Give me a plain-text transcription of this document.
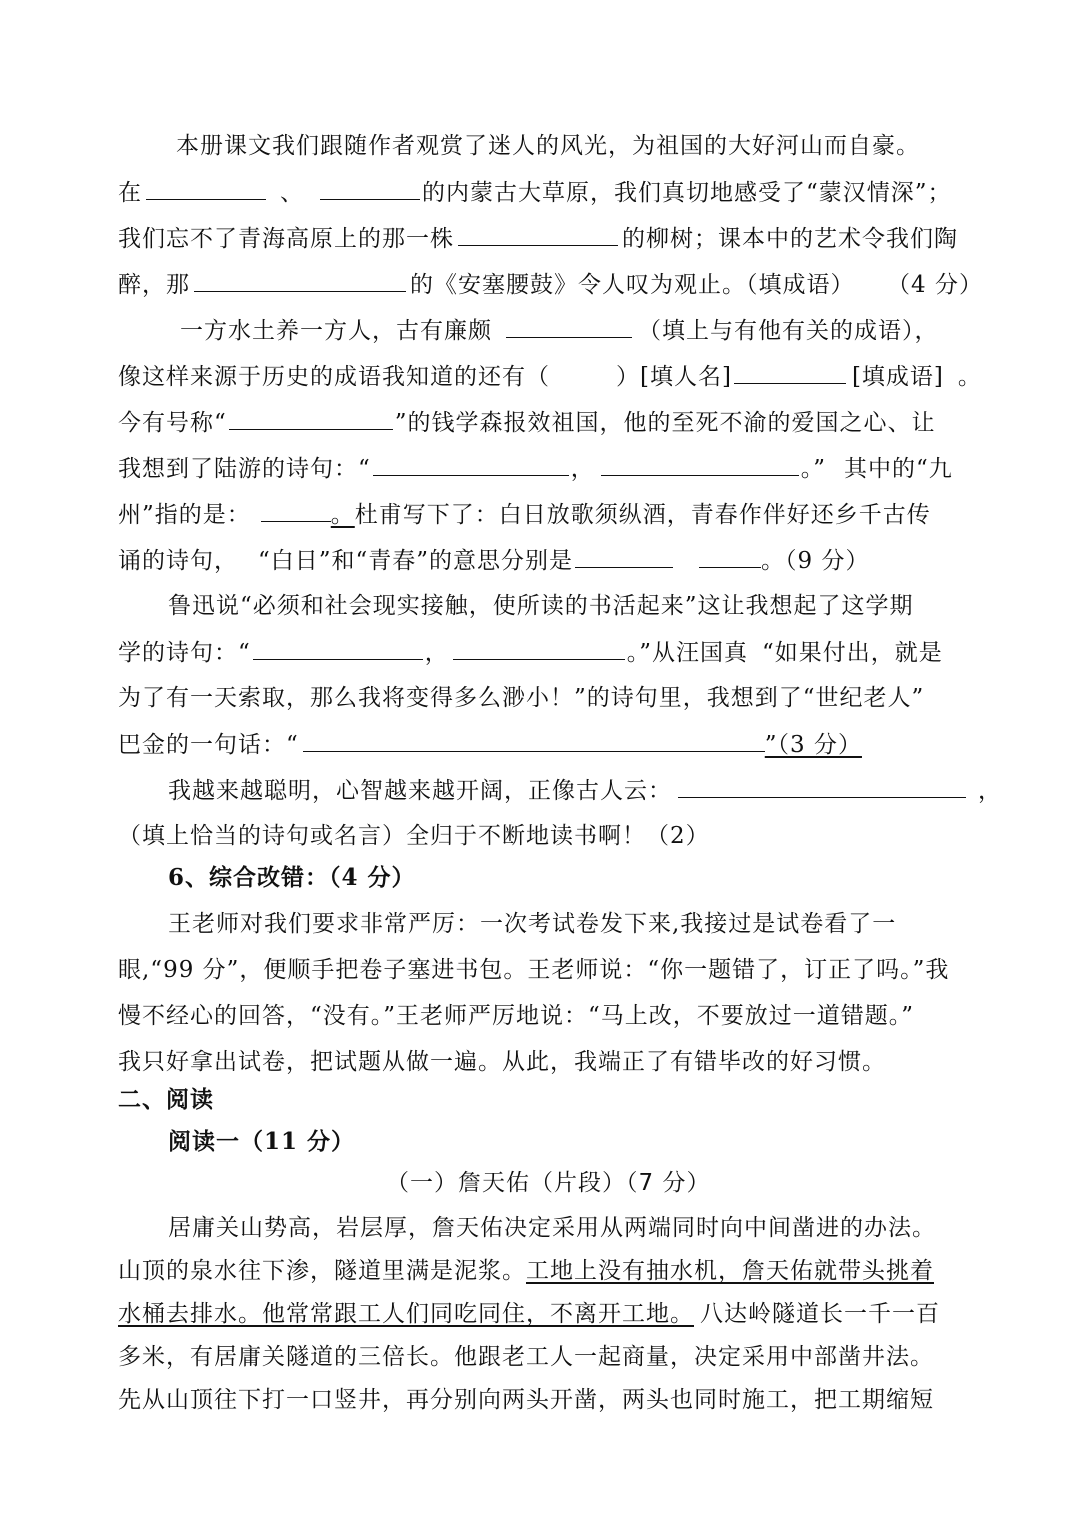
本册课文我们跟随作者观赏了迷人的风光，为祖国的大好河山而自豪。
在	、	的内蒙古大草原，我们真切地感受了“蒙汉情深”；
我们忘不了青海高原上的那一株	的柳树；课本中的艺术令我们陶
醉，那	的《安塞腰鼓》令人叹为观止。（填成语） （4 分）
一方水土养一方人，古有廉颇	（填上与有他有关的成语），
像这样来源于历史的成语我知道的还有（	）[填人名]	[填成语] 。
今有号称“	”的钱学森报效祖国，他的至死不渝的爱国之心、让
我想到了陆游的诗句：“	，	。” 其中的“九
州”指的是：	。杜甫写下了：白日放歌须纵酒，青春作伴好还乡千古传
诵的诗句， “白日”和“青春”的意思分别是	。（9 分）
鲁迅说“必须和社会现实接触，使所读的书活起来”这让我想起了这学期
学的诗句：“	，	。”从汪国真 “如果付出，就是
为了有一天索取，那么我将变得多么渺小！”的诗句里，我想到了“世纪老人”
巴金的一句话：“	”（3 分）
我越来越聪明，心智越来越开阔，正像古人云：	，
（填上恰当的诗句或名言）全归于不断地读书啊！（2）
6、综合改错：（4 分）
王老师对我们要求非常严厉：一次考试卷发下来,我接过是试卷看了一
眼,“99 分”，便顺手把卷子塞进书包。王老师说：“你一题错了，订正了吗。”我
慢不经心的回答，“没有。”王老师严厉地说：“马上改，不要放过一道错题。”
我只好拿出试卷，把试题从做一遍。从此，我端正了有错毕改的好习惯。
二、阅读
阅读一（11 分）
（一）詹天佑（片段）（7 分）
居庸关山势高，岩层厚，詹天佑决定采用从两端同时向中间凿进的办法。
山顶的泉水往下渗，隧道里满是泥浆。工地上没有抽水机，詹天佑就带头挑着
水桶去排水。他常常跟工人们同吃同住，不离开工地。 八达岭隧道长一千一百
多米，有居庸关隧道的三倍长。他跟老工人一起商量，决定采用中部凿井法。
先从山顶往下打一口竖井，再分别向两头开凿，两头也同时施工，把工期缩短
